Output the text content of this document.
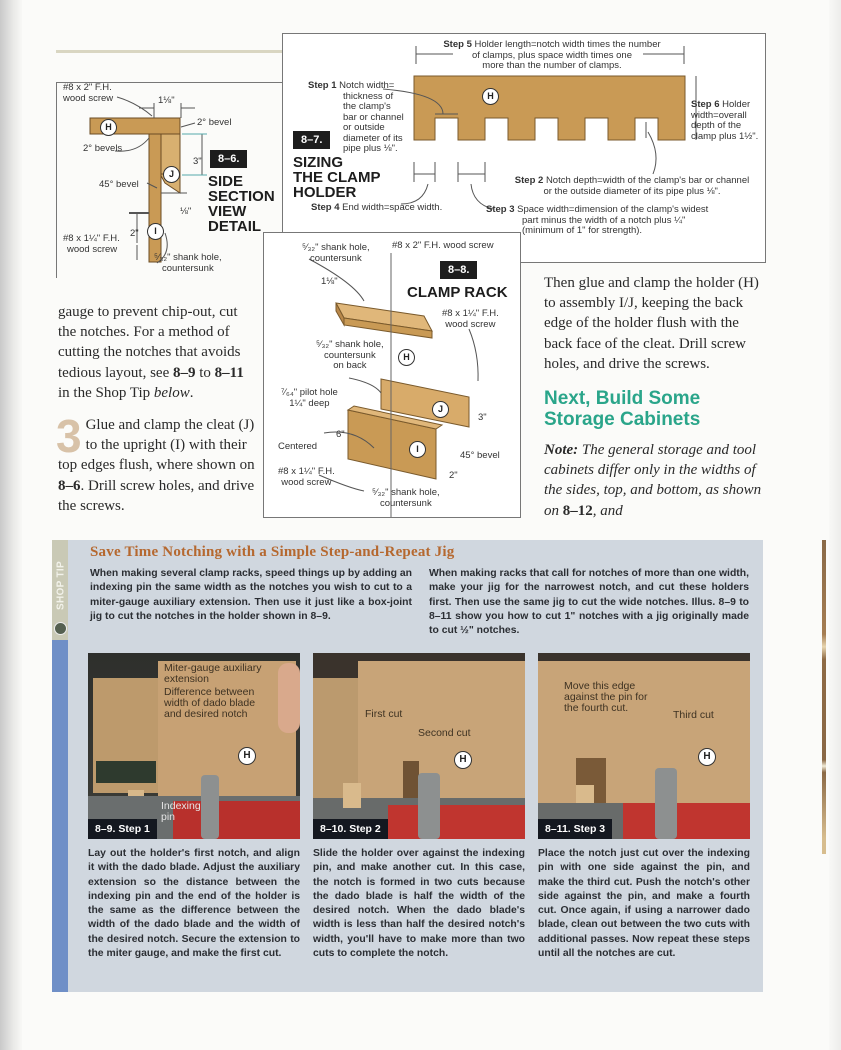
H
J
I
#8 x 2" F.H.
wood screw	1⅛"
2° bevel
2° bevels
3"
45° bevel
⅛"
2"
#8 x 1¼" F.H.
wood screw
⁵⁄₃₂" shank hole,
countersunk
8–6.
SIDE
SECTION
VIEW
DETAIL
H
Step 5 Holder length=notch width times the number
of clamps, plus space width times one
more than the number of clamps.
Step 1 Notch width=
thickness of
the clamp's
bar or channel
or outside
diameter of its
pipe plus ⅛".
8–7.
SIZING
THE CLAMP
HOLDER
Step 6 Holder
width=overall
depth of the
clamp plus 1½".
Step 2 Notch depth=width of the clamp's bar or channel
or the outside diameter of its pipe plus ⅛".
Step 4 End width=space width.	Step 3 Space width=dimension of the clamp's widest
part minus the width of a notch plus ¼"
(minimum of 1" for strength).
H
J
I
⁵⁄₃₂" shank hole,
countersunk
#8 x 2" F.H. wood screw
8–8.
CLAMP RACK
1⅛"
#8 x 1¼" F.H.
wood screw
⁵⁄₃₂" shank hole,
countersunk
on back
⁷⁄₆₄" pilot hole
1¼" deep
3"
6"
Centered
45° bevel
#8 x 1¼" F.H.
wood screw
2"
⁵⁄₃₂" shank hole,
countersunk

gauge to prevent chip-out, cut the notches. For a method of cutting the notches that avoids tedious layout, see 8–9 to 8–11 in the Shop Tip below.

3 Glue and clamp the cleat (J) to the upright (I) with their top edges flush, where shown on 8–6. Drill screw holes, and drive the screws.

Then glue and clamp the holder (H) to assembly I/J, keeping the back edge of the holder flush with the back face of the cleat. Drill screw holes, and drive the screws.

Next, Build Some Storage Cabinets

Note: The general storage and tool cabinets differ only in the widths of the sides, top, and bottom, as shown on 8–12, and

SHOP TIP
Save Time Notching with a Simple Step-and-Repeat Jig
When making several clamp racks, speed things up by adding an indexing pin the same width as the notches you wish to cut to a miter-gauge auxiliary extension. Then use it just like a box-joint jig to cut the notches in the holder shown in 8–9.
When making racks that call for notches of more than one width, make your jig for the narrowest notch, and cut these holders first. Then use the same jig to cut the wide notches. Illus. 8–9 to 8–11 show you how to cut 1" notches with a jig originally made to cut ½" notches.
Miter-gauge auxiliary extension
Difference between width of dado blade and desired notch
Indexing pin
H
8–9. Step 1
First cut
Second cut
H
8–10. Step 2
Move this edge against the pin for the fourth cut.
Third cut
H
8–11. Step 3
Lay out the holder's first notch, and align it with the dado blade. Adjust the auxiliary extension so the distance between the indexing pin and the end of the holder is the same as the difference between the width of the dado blade and the width of the desired notch. Secure the extension to the miter gauge, and make the first cut.
Slide the holder over against the indexing pin, and make another cut. In this case, the notch is formed in two cuts because the dado blade is half the width of the desired notch. When the dado blade's width is less than half the desired notch's width, you'll have to make more than two cuts to complete the notch.
Place the notch just cut over the indexing pin with one side against the pin, and make the third cut. Push the notch's other side against the pin, and make a fourth cut. Once again, if using a narrower dado blade, clean out between the two cuts with additional passes. Now repeat these steps until all the notches are cut.
